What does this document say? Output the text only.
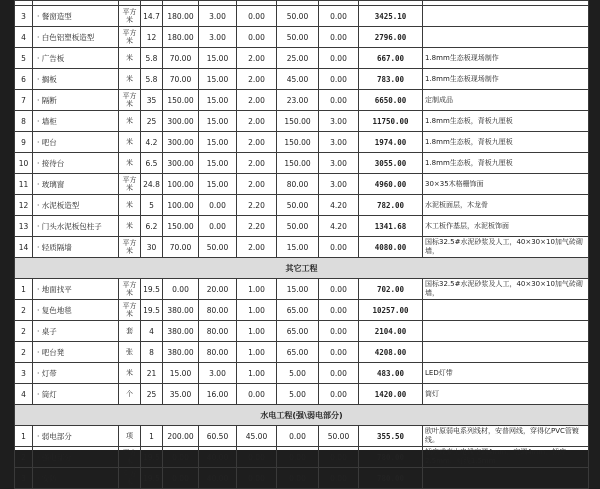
3	· 餐窗造型	平方米	14.7	180.00	3.00	0.00	50.00	0.00	3425.10	
4	· 白色铝塑板造型	平方米	12	180.00	3.00	0.00	50.00	0.00	2796.00	
5	· 广告板	米	5.8	70.00	15.00	2.00	25.00	0.00	667.00	1.8mm生态板现场制作
6	· 搁板	米	5.8	70.00	15.00	2.00	45.00	0.00	783.00	1.8mm生态板现场制作
7	· 隔断	平方米	35	150.00	15.00	2.00	23.00	0.00	6650.00	定制成品
8	· 墙柜	米	25	300.00	15.00	2.00	150.00	3.00	11750.00	1.8mm生态板，背板九厘板
9	· 吧台	米	4.2	300.00	15.00	2.00	150.00	3.00	1974.00	1.8mm生态板，背板九厘板
10	· 接待台	米	6.5	300.00	15.00	2.00	150.00	3.00	3055.00	1.8mm生态板，背板九厘板
11	· 玻璃窗	平方米	24.8	100.00	15.00	2.00	80.00	3.00	4960.00	30×35木格栅饰面
12	· 水泥板造型	米	5	100.00	0.00	2.20	50.00	4.20	782.00	水泥板面层，木龙骨
13	· 门头水泥板包柱子	米	6.2	150.00	0.00	2.20	50.00	4.20	1341.68	木工板作基层，水泥板饰面
14	· 轻质隔墙	平方米	30	70.00	50.00	2.00	15.00	0.00	4080.00	国标32.5#水泥砂浆及人工，40×30×10加气砖砌墙，
其它工程										
1	· 地面找平	平方米	19.5	0.00	20.00	1.00	15.00	0.00	702.00	国标32.5#水泥砂浆及人工，40×30×10加气砖砌墙，
2	· 复色地毯	平方米	19.5	380.00	80.00	1.00	65.00	0.00	10257.00	
2	· 桌子	套	4	380.00	80.00	1.00	65.00	0.00	2104.00	
2	· 吧台凳	张	8	380.00	80.00	1.00	65.00	0.00	4208.00	
3	· 灯带	米	21	15.00	3.00	1.00	5.00	0.00	483.00	LED灯带
4	· 筒灯	个	25	35.00	16.00	0.00	5.00	0.00	1420.00	筒灯
水电工程(强\弱电部分)										
1	· 弱电部分	项	1	200.00	60.50	45.00	0.00	50.00	355.50	欧叶原弱电系列线材，安普网线，穿得亿PVC管镀线。
2	· 强电部分	平方米	19.5	0.00	40.00	0.00	0.00	0.00	780.00	插座或泰山电线空调4mm，空调4mm，插座2.5mm，灯线1.5mm
3	· 安防	平方米	19.5	0.00	40.00	0.00	0.00	0.00	780.00	
